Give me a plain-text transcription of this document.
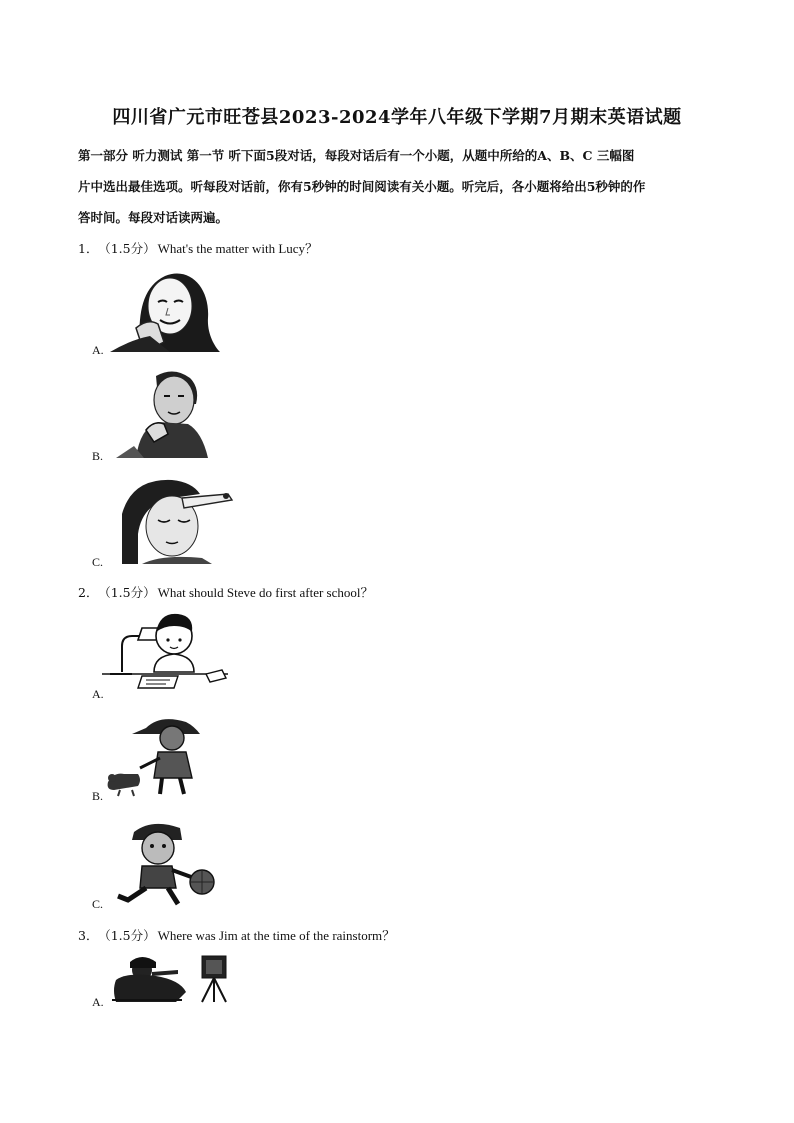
四川省广元市旺苍县2023-2024学年八年级下学期7月期末英语试题
第一部分 听力测试 第一节 听下面5段对话，每段对话后有一个小题，从题中所给的A、B、C 三幅图
片中选出最佳选项。听每段对话前，你有5秒钟的时间阅读有关小题。听完后，各小题将给出5秒钟的作
答时间。每段对话读两遍。
1． （1.5分） What's the matter with Lucy？
A.
B.
C.
2． （1.5分） What should Steve do first after school？
A.
B.
C.
3． （1.5分） Where was Jim at the time of the rainstorm？
A.
